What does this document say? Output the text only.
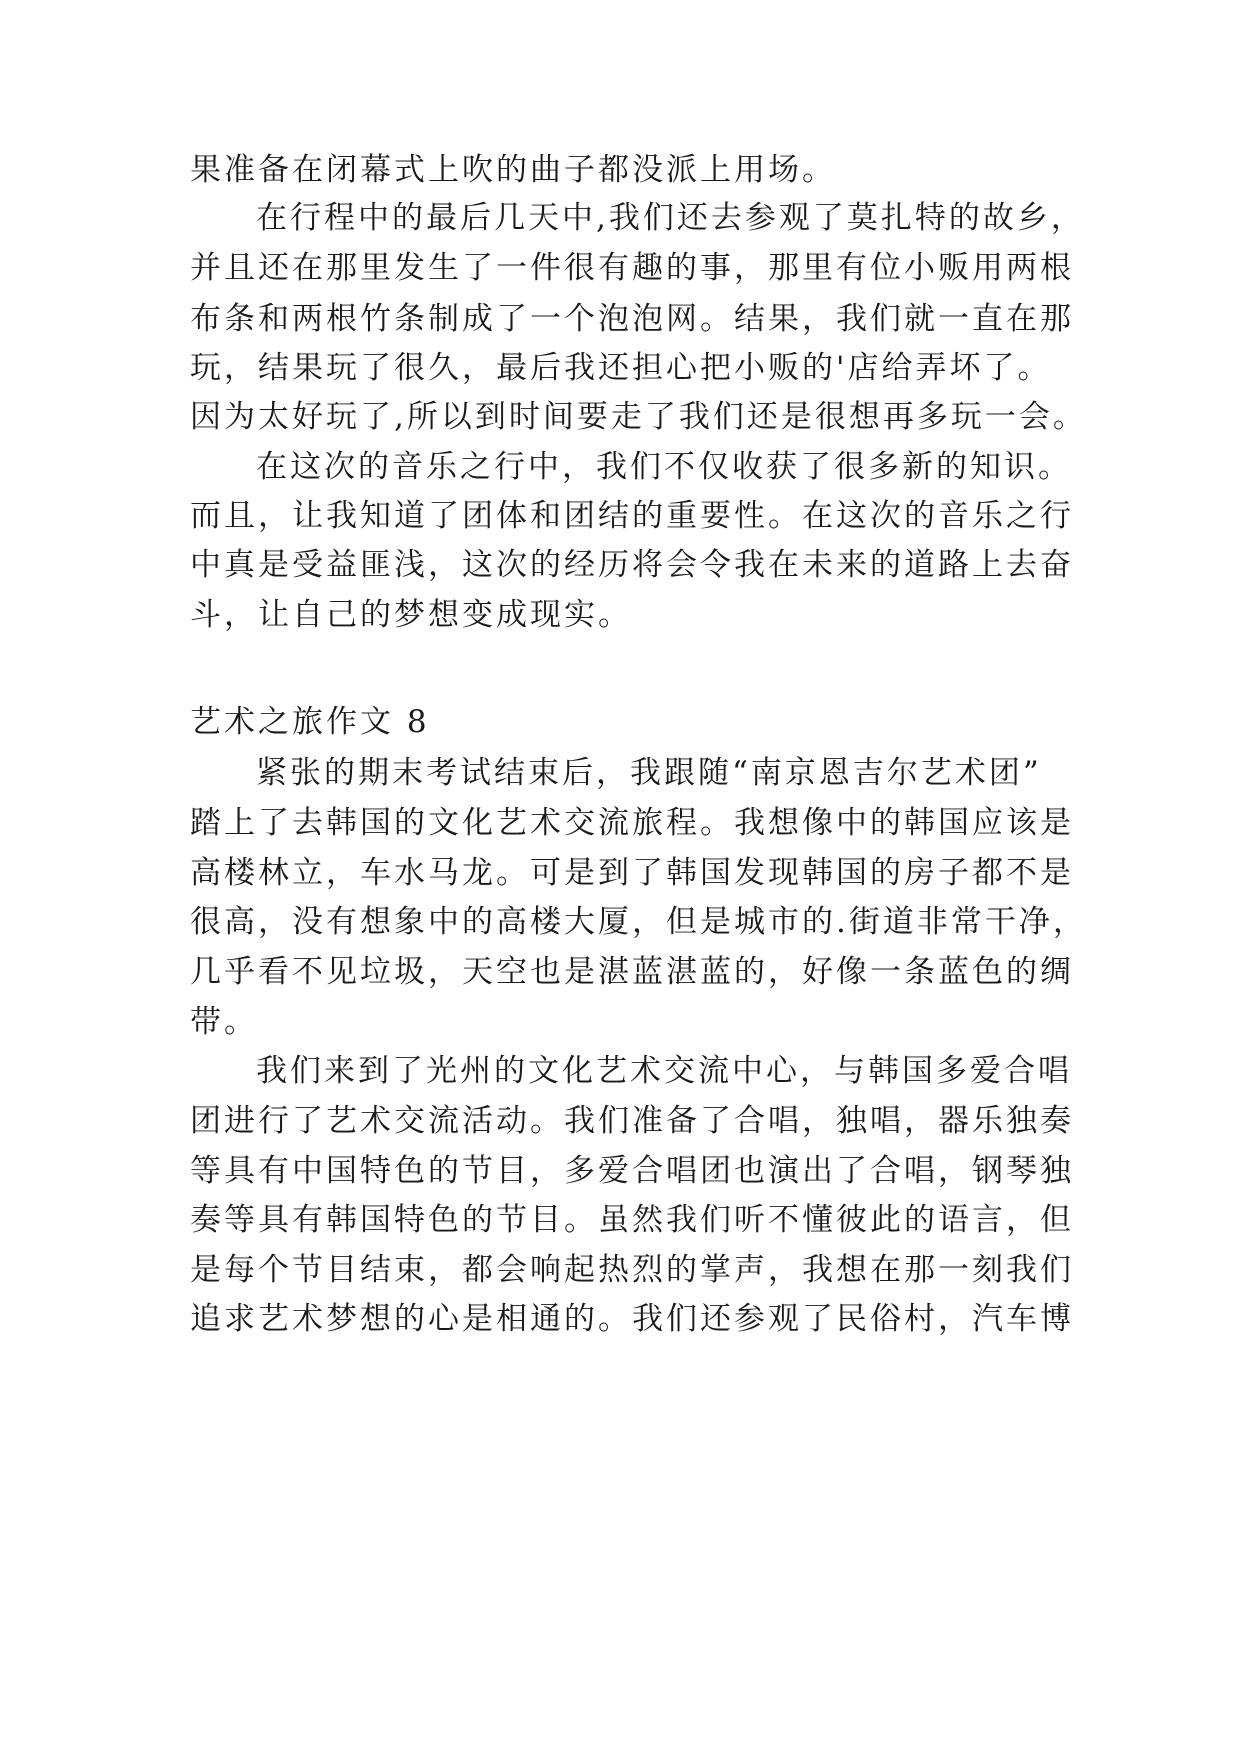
果准备在闭幕式上吹的曲子都没派上用场。
在行程中的最后几天中,我们还去参观了莫扎特的故乡，
并且还在那里发生了一件很有趣的事，那里有位小贩用两根
布条和两根竹条制成了一个泡泡网。结果，我们就一直在那
玩，结果玩了很久，最后我还担心把小贩的'店给弄坏了。
因为太好玩了,所以到时间要走了我们还是很想再多玩一会。
在这次的音乐之行中，我们不仅收获了很多新的知识。
而且，让我知道了团体和团结的重要性。在这次的音乐之行
中真是受益匪浅，这次的经历将会令我在未来的道路上去奋
斗，让自己的梦想变成现实。
艺术之旅作文 8
紧张的期末考试结束后，我跟随“南京恩吉尔艺术团”
踏上了去韩国的文化艺术交流旅程。我想像中的韩国应该是
高楼林立，车水马龙。可是到了韩国发现韩国的房子都不是
很高，没有想象中的高楼大厦，但是城市的.街道非常干净，
几乎看不见垃圾，天空也是湛蓝湛蓝的，好像一条蓝色的绸
带。
我们来到了光州的文化艺术交流中心，与韩国多爱合唱
团进行了艺术交流活动。我们准备了合唱，独唱，器乐独奏
等具有中国特色的节目，多爱合唱团也演出了合唱，钢琴独
奏等具有韩国特色的节目。虽然我们听不懂彼此的语言，但
是每个节目结束，都会响起热烈的掌声，我想在那一刻我们
追求艺术梦想的心是相通的。我们还参观了民俗村，汽车博
